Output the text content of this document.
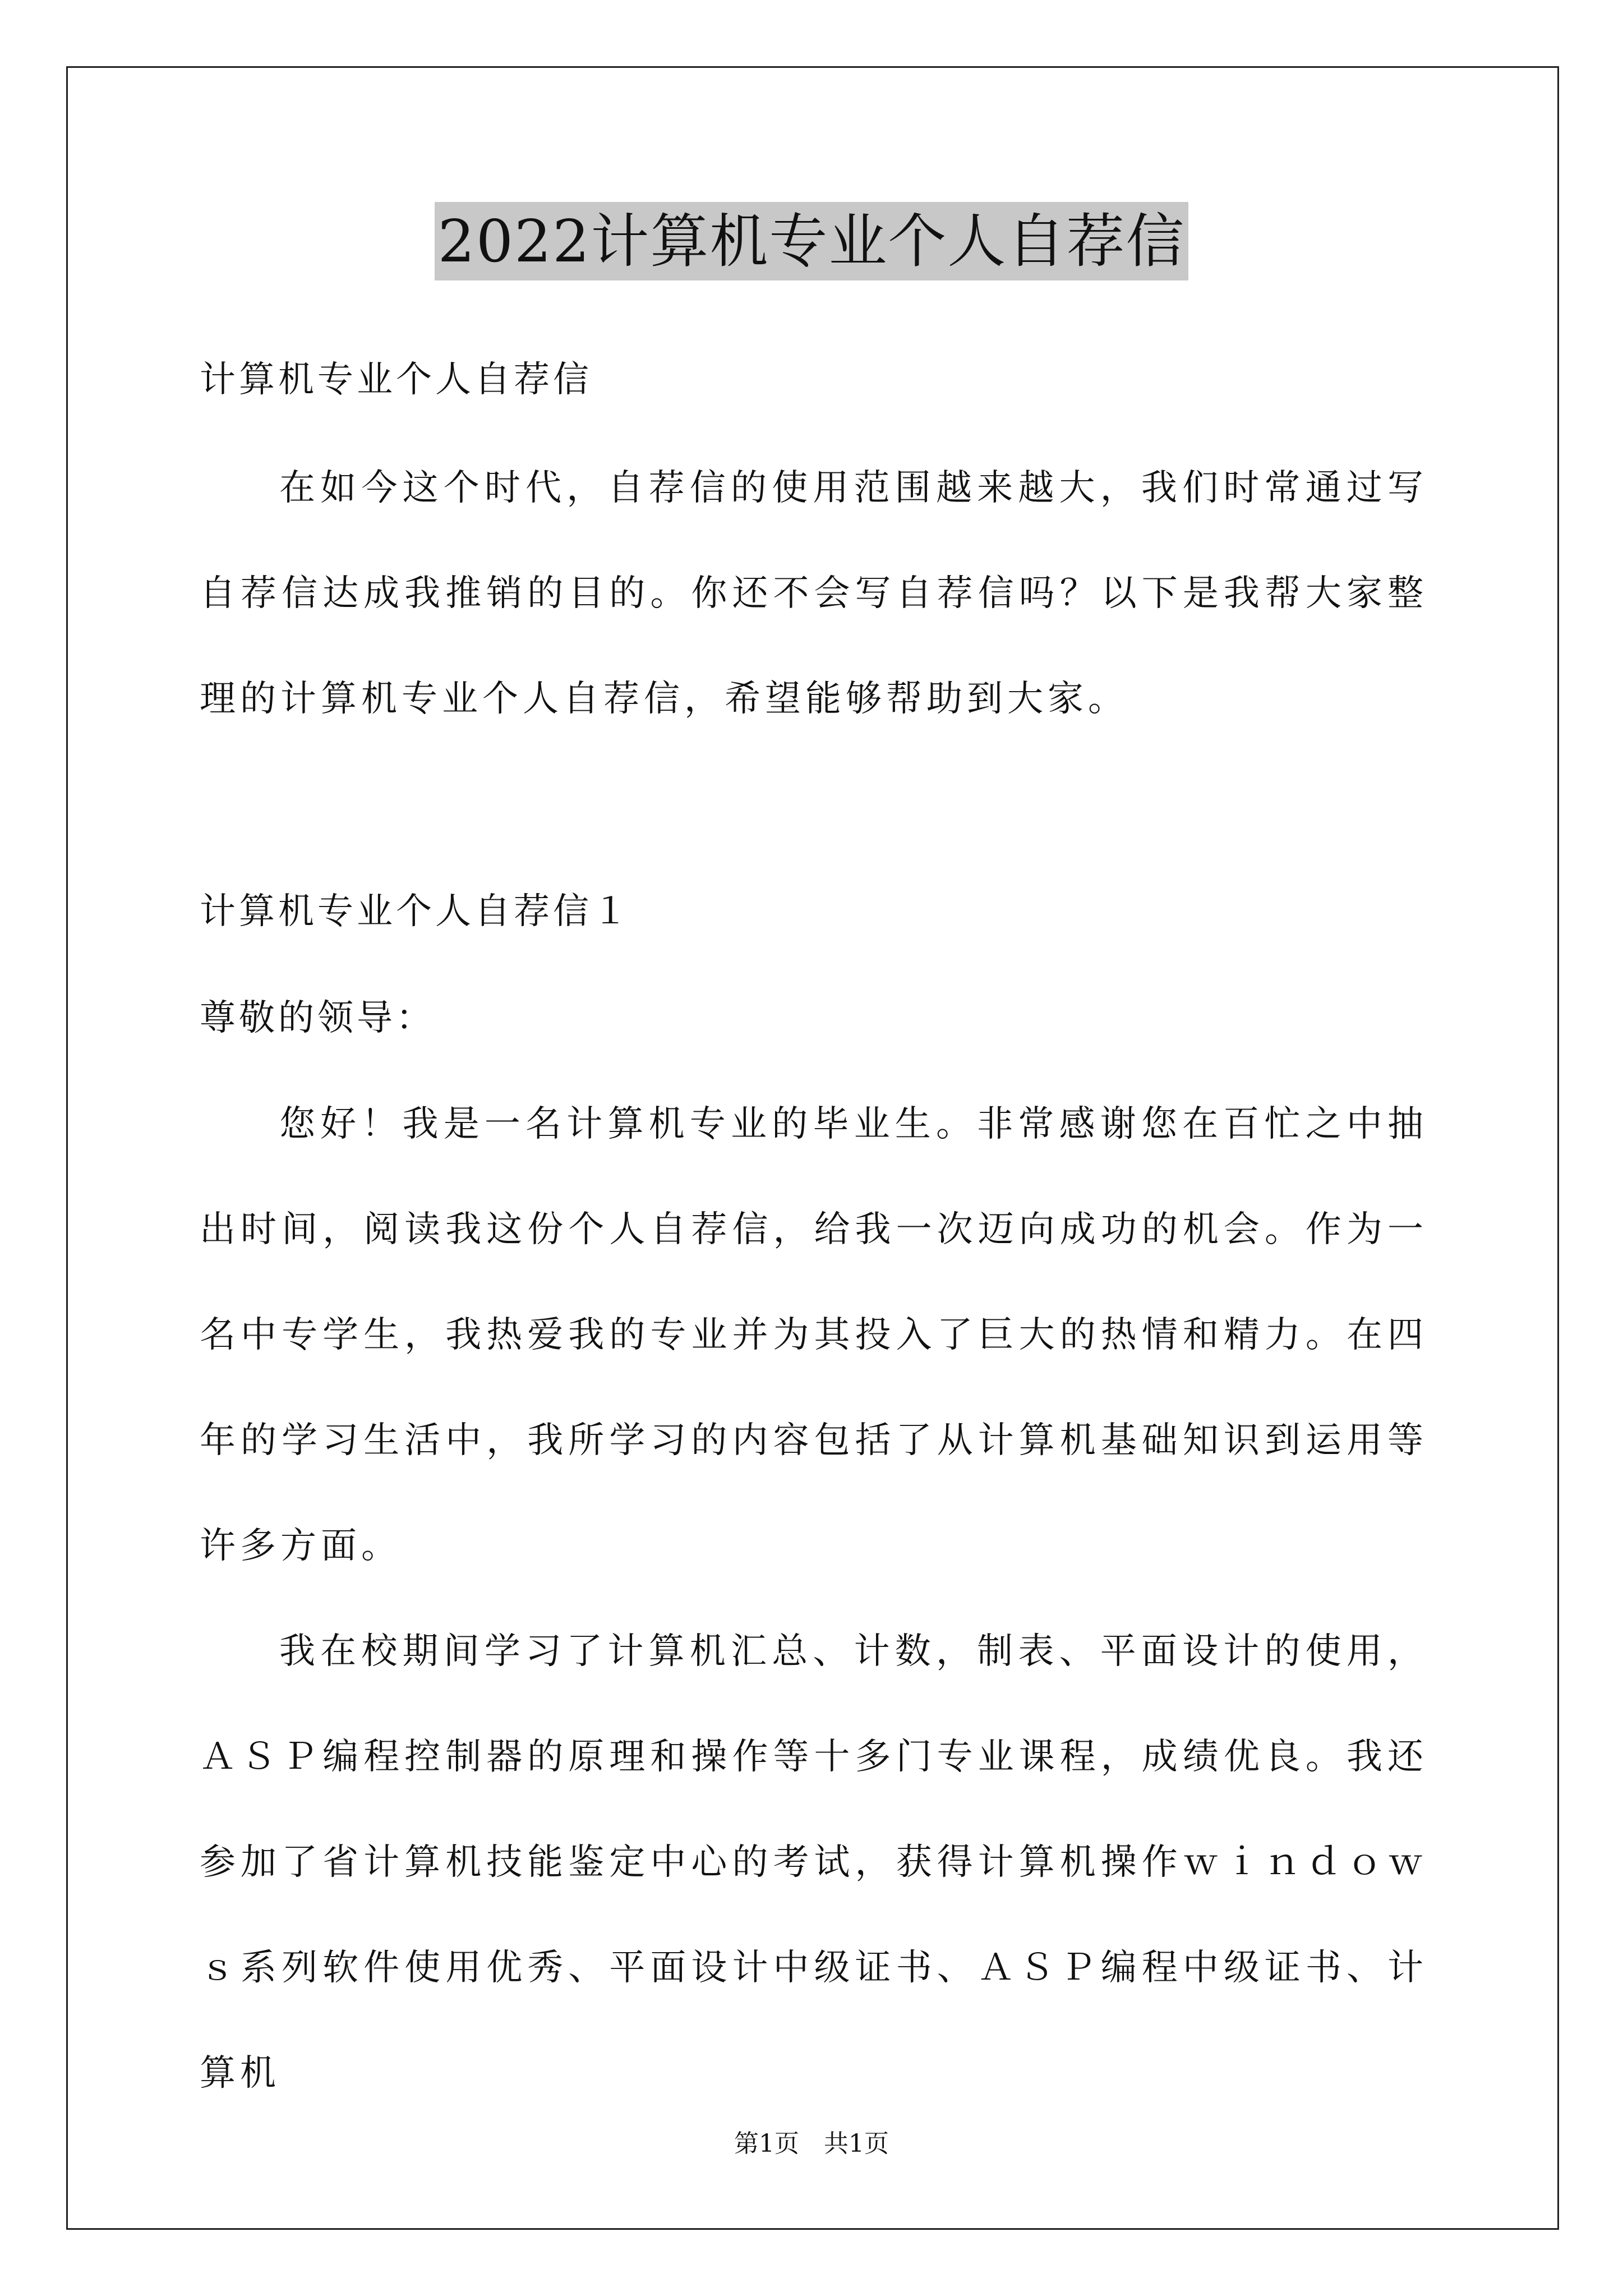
2022计算机专业个人自荐信
计算机专业个人自荐信

在如今这个时代，自荐信的使用范围越来越大，我们时常通过写自荐信达成我推销的目的。你还不会写自荐信吗？以下是我帮大家整理的计算机专业个人自荐信，希望能够帮助到大家。

计算机专业个人自荐信１
尊敬的领导：

您好！我是一名计算机专业的毕业生。非常感谢您在百忙之中抽出时间，阅读我这份个人自荐信，给我一次迈向成功的机会。作为一名中专学生，我热爱我的专业并为其投入了巨大的热情和精力。在四年的学习生活中，我所学习的内容包括了从计算机基础知识到运用等许多方面。

我在校期间学习了计算机汇总、计数，制表、平面设计的使用，ＡＳＰ编程控制器的原理和操作等十多门专业课程，成绩优良。我还参加了省计算机技能鉴定中心的考试，获得计算机操作ｗｉｎｄｏｗｓ系列软件使用优秀、平面设计中级证书、ＡＳＰ编程中级证书、计算机

第1页　共1页
